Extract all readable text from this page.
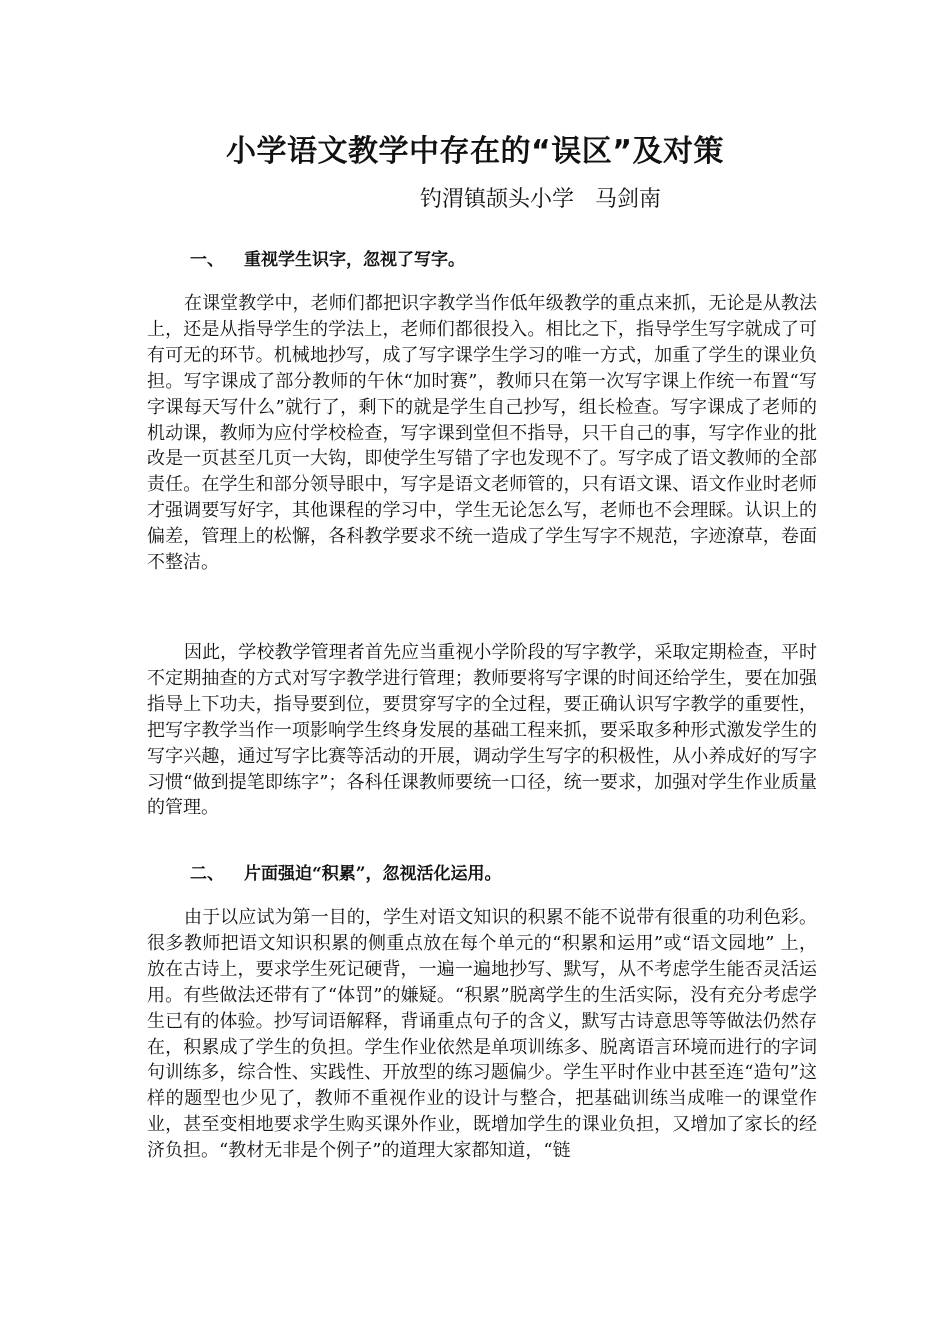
小学语文教学中存在的“误区”及对策

钓渭镇颉头小学   马剑南

一、 重视学生识字，忽视了写字。

在课堂教学中，老师们都把识字教学当作低年级教学的重点来抓，无论是从教法上，还是从指导学生的学法上，老师们都很投入。相比之下，指导学生写字就成了可有可无的环节。机械地抄写，成了写字课学生学习的唯一方式，加重了学生的课业负担。写字课成了部分教师的午休“加时赛”，教师只在第一次写字课上作统一布置“写字课每天写什么”就行了，剩下的就是学生自己抄写，组长检查。写字课成了老师的机动课，教师为应付学校检查，写字课到堂但不指导，只干自己的事，写字作业的批改是一页甚至几页一大钩，即使学生写错了字也发现不了。写字成了语文教师的全部责任。在学生和部分领导眼中，写字是语文老师管的，只有语文课、语文作业时老师才强调要写好字，其他课程的学习中，学生无论怎么写，老师也不会理睬。认识上的偏差，管理上的松懈，各科教学要求不统一造成了学生写字不规范，字迹潦草，卷面不整洁。

因此，学校教学管理者首先应当重视小学阶段的写字教学，采取定期检查，平时不定期抽查的方式对写字教学进行管理；教师要将写字课的时间还给学生，要在加强指导上下功夫，指导要到位，要贯穿写字的全过程，要正确认识写字教学的重要性，把写字教学当作一项影响学生终身发展的基础工程来抓，要采取多种形式激发学生的写字兴趣，通过写字比赛等活动的开展，调动学生写字的积极性，从小养成好的写字习惯“做到提笔即练字”；各科任课教师要统一口径，统一要求，加强对学生作业质量的管理。

二、 片面强迫“积累”，忽视活化运用。

由于以应试为第一目的，学生对语文知识的积累不能不说带有很重的功利色彩。很多教师把语文知识积累的侧重点放在每个单元的“积累和运用”或“语文园地” 上，放在古诗上，要求学生死记硬背，一遍一遍地抄写、默写，从不考虑学生能否灵活运用。有些做法还带有了“体罚”的嫌疑。“积累”脱离学生的生活实际，没有充分考虑学生已有的体验。抄写词语解释，背诵重点句子的含义，默写古诗意思等等做法仍然存在，积累成了学生的负担。学生作业依然是单项训练多、脱离语言环境而进行的字词句训练多，综合性、实践性、开放型的练习题偏少。学生平时作业中甚至连“造句”这样的题型也少见了，教师不重视作业的设计与整合，把基础训练当成唯一的课堂作业，甚至变相地要求学生购买课外作业，既增加学生的课业负担，又增加了家长的经济负担。“教材无非是个例子”的道理大家都知道，“链
